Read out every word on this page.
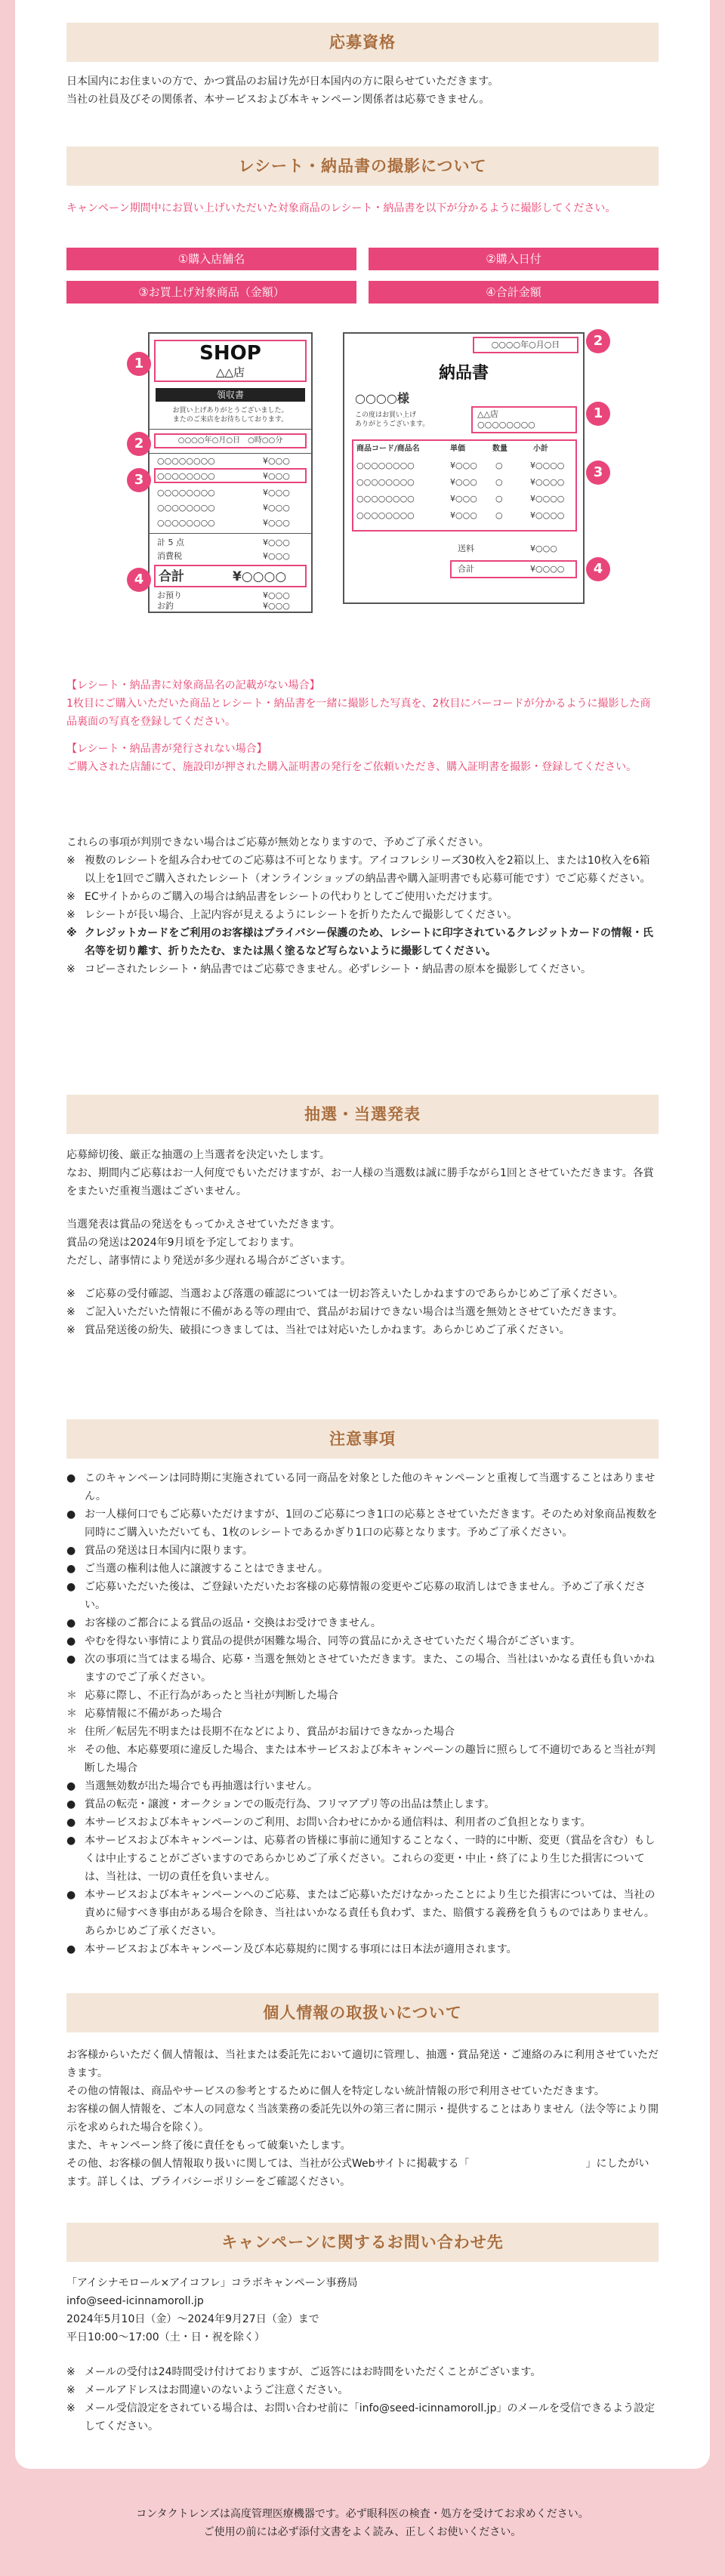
応募資格

日本国内にお住まいの方で、かつ賞品のお届け先が日本国内の方に限らせていただきます。

当社の社員及びその関係者、本サービスおよび本キャンペーン関係者は応募できません。

レシート・納品書の撮影について

キャンペーン期間中にお買い上げいただいた対象商品のレシート・納品書を以下が分かるように撮影してください。

①購入店舗名	②購入日付
③お買上げ対象商品（金額）	④合計金額
SHOP
△△店
領収書
お買い上げありがとうございました。
またのご来店をお待ちしております。
○○○○年○月○日　○時○○分
○○○○○○○○	¥○○○
○○○○○○○○	¥○○○
○○○○○○○○	¥○○○
○○○○○○○○	¥○○○
○○○○○○○○	¥○○○
計 5 点	¥○○○
消費税	¥○○○
合計	¥○○○○
お預り	¥○○○
お釣	¥○○○
1
2
3
4
○○○○年○月○日
納品書
○○○○様
この度はお買い上げ
ありがとうございます。
△△店
○○○○○○○○
商品コード/商品名	単価	数量	小計
○○○○○○○○	¥○○○ ○	¥○○○○
○○○○○○○○	¥○○○ ○	¥○○○○
○○○○○○○○	¥○○○ ○	¥○○○○
○○○○○○○○	¥○○○ ○	¥○○○○
送料	¥○○○
合計	¥○○○○
2
1
3
4

【レシート・納品書に対象商品名の記載がない場合】

1枚目にご購入いただいた商品とレシート・納品書を一緒に撮影した写真を、2枚目にバーコードが分かるように撮影した商品裏面の写真を登録してください。

【レシート・納品書が発行されない場合】

ご購入された店舗にて、施設印が押された購入証明書の発行をご依頼いただき、購入証明書を撮影・登録してください。

これらの事項が判別できない場合はご応募が無効となりますので、予めご了承ください。

※ 複数のレシートを組み合わせてのご応募は不可となります。アイコフレシリーズ30枚入を2箱以上、または10枚入を6箱以上を1回でご購入されたレシート（オンラインショップの納品書や購入証明書でも応募可能です）でご応募ください。
※ ECサイトからのご購入の場合は納品書をレシートの代わりとしてご使用いただけます。
※ レシートが長い場合、上記内容が見えるようにレシートを折りたたんで撮影してください。
※ クレジットカードをご利用のお客様はプライバシー保護のため、レシートに印字されているクレジットカードの情報・氏名等を切り離す、折りたたむ、または黒く塗るなど写らないように撮影してください。
※ コピーされたレシート・納品書ではご応募できません。必ずレシート・納品書の原本を撮影してください。
抽選・当選発表

応募締切後、厳正な抽選の上当選者を決定いたします。

なお、期間内ご応募はお一人何度でもいただけますが、お一人様の当選数は誠に勝手ながら1回とさせていただきます。各賞をまたいだ重複当選はございません。

当選発表は賞品の発送をもってかえさせていただきます。

賞品の発送は2024年9月頃を予定しております。

ただし、諸事情により発送が多少遅れる場合がございます。

※ ご応募の受付確認、当選および落選の確認については一切お答えいたしかねますのであらかじめご了承ください。
※ ご記入いただいた情報に不備がある等の理由で、賞品がお届けできない場合は当選を無効とさせていただきます。
※ 賞品発送後の紛失、破損につきましては、当社では対応いたしかねます。あらかじめご了承ください。
注意事項
● このキャンペーンは同時期に実施されている同一商品を対象とした他のキャンペーンと重複して当選することはありません。
● お一人様何口でもご応募いただけますが、1回のご応募につき1口の応募とさせていただきます。そのため対象商品複数を同時にご購入いただいても、1枚のレシートであるかぎり1口の応募となります。予めご了承ください。
● 賞品の発送は日本国内に限ります。
● ご当選の権利は他人に譲渡することはできません。
● ご応募いただいた後は、ご登録いただいたお客様の応募情報の変更やご応募の取消しはできません。予めご了承ください。
● お客様のご都合による賞品の返品・交換はお受けできません。
● やむを得ない事情により賞品の提供が困難な場合、同等の賞品にかえさせていただく場合がございます。
● 次の事項に当てはまる場合、応募・当選を無効とさせていただきます。また、この場合、当社はいかなる責任も負いかねますのでご了承ください。
＊ 応募に際し、不正行為があったと当社が判断した場合
＊ 応募情報に不備があった場合
＊ 住所／転居先不明または長期不在などにより、賞品がお届けできなかった場合
＊ その他、本応募要項に違反した場合、または本サービスおよび本キャンペーンの趣旨に照らして不適切であると当社が判断した場合
● 当選無効数が出た場合でも再抽選は行いません。
● 賞品の転売・譲渡・オークションでの販売行為、フリマアプリ等の出品は禁止します。
● 本サービスおよび本キャンペーンのご利用、お問い合わせにかかる通信料は、利用者のご負担となります。
● 本サービスおよび本キャンペーンは、応募者の皆様に事前に通知することなく、一時的に中断、変更（賞品を含む）もしくは中止することがございますのであらかじめご了承ください。これらの変更・中止・終了により生じた損害については、当社は、一切の責任を負いません。
● 本サービスおよび本キャンペーンへのご応募、またはご応募いただけなかったことにより生じた損害については、当社の責めに帰すべき事由がある場合を除き、当社はいかなる責任も負わず、また、賠償する義務を負うものではありません。あらかじめご了承ください。
● 本サービスおよび本キャンペーン及び本応募規約に関する事項には日本法が適用されます。
個人情報の取扱いについて

お客様からいただく個人情報は、当社または委託先において適切に管理し、抽選・賞品発送・ご連絡のみに利用させていただきます。

その他の情報は、商品やサービスの参考とするために個人を特定しない統計情報の形で利用させていただきます。

お客様の個人情報を、ご本人の同意なく当該業務の委託先以外の第三者に開示・提供することはありません（法令等により開示を求められた場合を除く）。

また、キャンペーン終了後に責任をもって破棄いたします。

その他、お客様の個人情報取り扱いに関しては、当社が公式Webサイトに掲載する「　　　　　　　　　　　」にしたがいます。詳しくは、プライバシーポリシーをご確認ください。

キャンペーンに関するお問い合わせ先

「アイシナモロール×アイコフレ」コラボキャンペーン事務局

info@seed-icinnamoroll.jp

2024年5月10日（金）～2024年9月27日（金）まで

平日10:00～17:00（土・日・祝を除く）

※ メールの受付は24時間受け付けておりますが、ご返答にはお時間をいただくことがございます。
※ メールアドレスはお間違いのないようご注意ください。
※ メール受信設定をされている場合は、お問い合わせ前に「info@seed-icinnamoroll.jp」のメールを受信できるよう設定してください。

コンタクトレンズは高度管理医療機器です。必ず眼科医の検査・処方を受けてお求めください。

ご使用の前には必ず添付文書をよく読み、正しくお使いください。
